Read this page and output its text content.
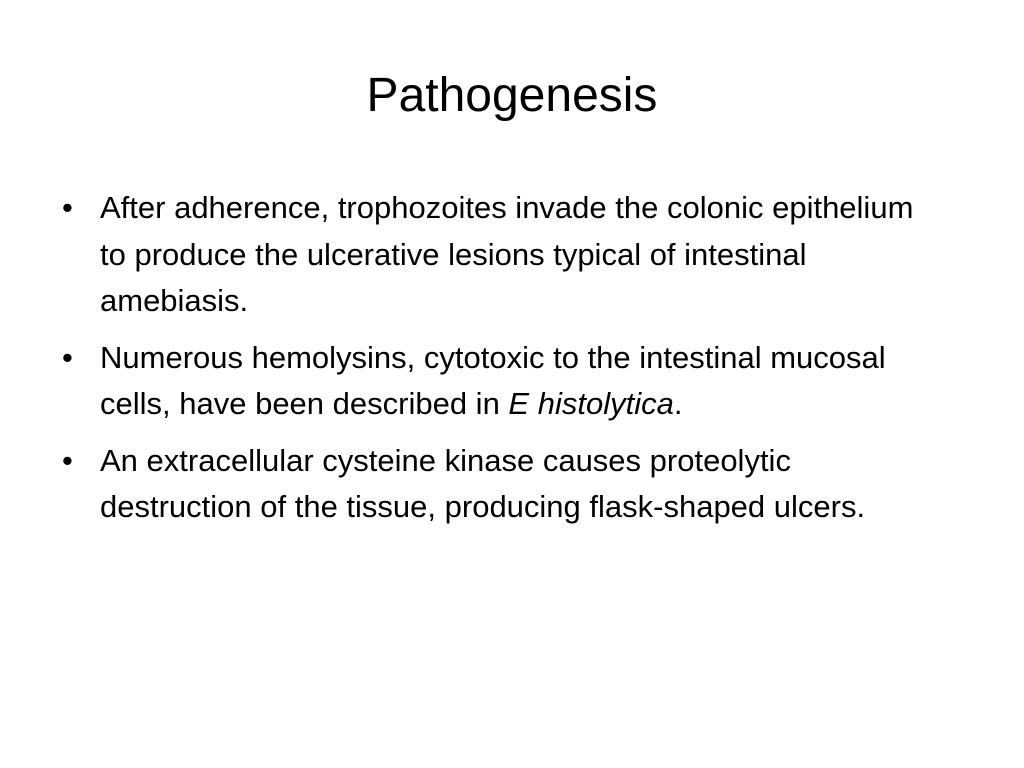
Pathogenesis
• After adherence, trophozoites invade the colonic epithelium to produce the ulcerative lesions typical of intestinal amebiasis.
• Numerous hemolysins, cytotoxic to the intestinal mucosal cells, have been described in E histolytica.
• An extracellular cysteine kinase causes proteolytic destruction of the tissue, producing flask-shaped ulcers.
